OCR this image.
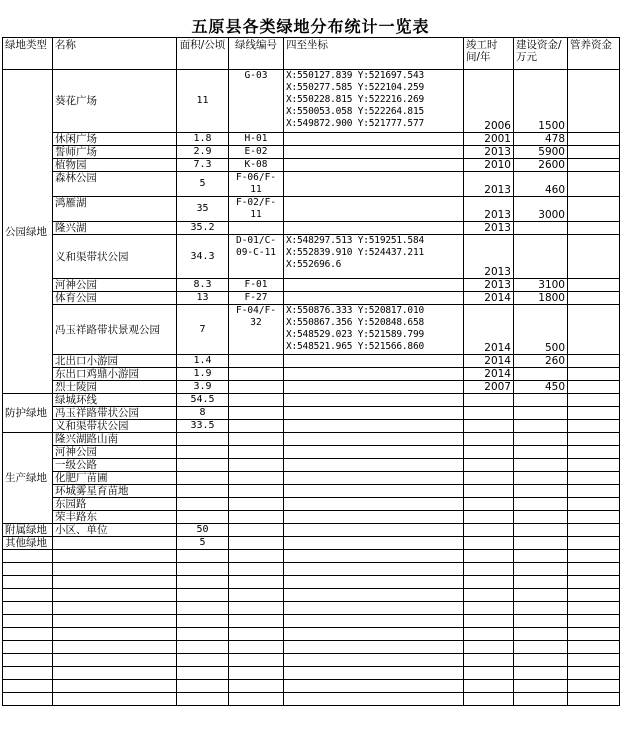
五原县各类绿地分布统计一览表
绿地类型	名称	面积/公顷	绿线编号	四至坐标	竣工时间/年	建设资金/万元	管养资金
公园绿地	葵花广场	11	G-03	X:550127.839 Y:521697.543
X:550277.585 Y:522104.259
X:550228.815 Y:522216.269
X:550053.058 Y:522264.815
X:549872.900 Y:521777.577	2006	1500	
	休闲广场	1.8	H-01		2001	478	
	誓师广场	2.9	E-02		2013	5900	
	植物园	7.3	K-08		2010	2600	
	森林公园	5	F-06/F-11		2013	460	
	鸿雁湖	35	F-02/F-11		2013	3000	
	隆兴湖	35.2			2013		
	义和渠带状公园	34.3	D-01/C-09-C-11	X:548297.513 Y:519251.584
X:552839.910 Y:524437.211
X:552696.6	2013		
	河神公园	8.3	F-01		2013	3100	
	体育公园	13	F-27		2014	1800	
	冯玉祥路带状景观公园	7	F-04/F-32	X:550876.333 Y:520817.010
X:550867.356 Y:520848.658
X:548529.023 Y:521589.799
X:548521.965 Y:521566.860	2014	500	
	北出口小游园	1.4			2014	260	
	东出口鸡鼎小游园	1.9			2014		
	烈士陵园	3.9			2007	450	
防护绿地	绿城环线	54.5					
	冯玉祥路带状公园	8					
	义和渠带状公园	33.5					
生产绿地	隆兴湖路山南						
	河神公园						
	一级公路						
	化肥厂苗圃						
	环城雾星育苗地						
	东园路						
	荣丰路东						
附属绿地	小区、单位	50					
其他绿地		5					
